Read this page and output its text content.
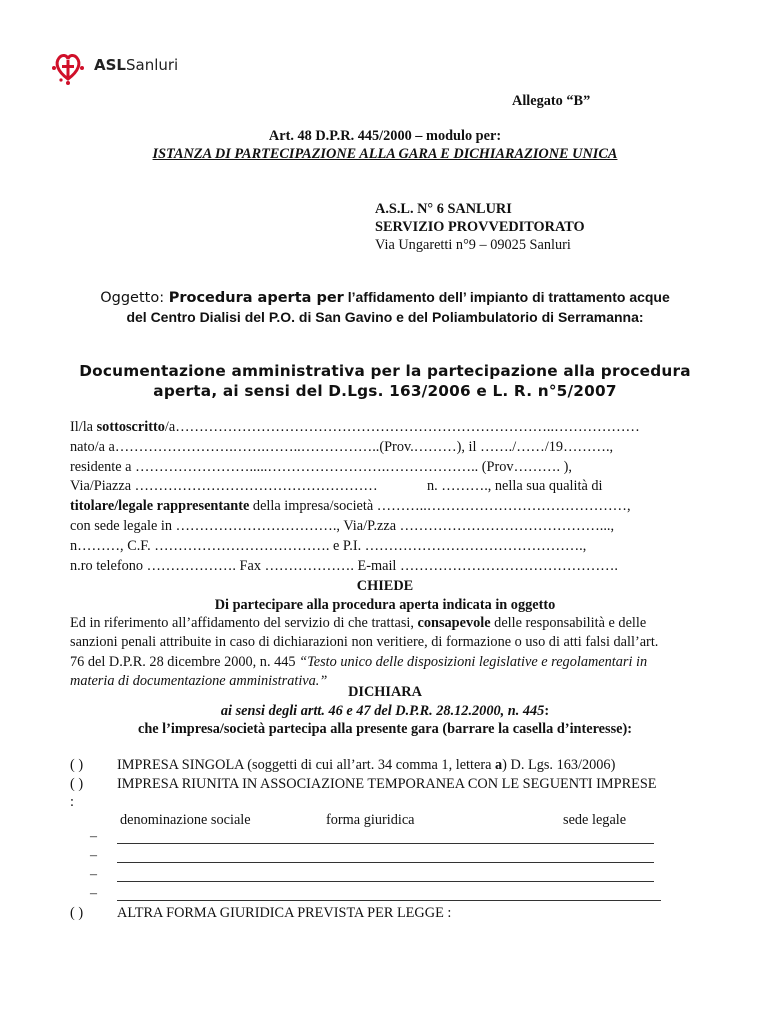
ASLSanluri
Allegato “B”
Art. 48 D.P.R. 445/2000 – modulo per:
ISTANZA DI PARTECIPAZIONE ALLA GARA E DICHIARAZIONE UNICA
A.S.L. N° 6 SANLURI
SERVIZIO PROVVEDITORATO
Via Ungaretti n°9 – 09025 Sanluri
Oggetto: Procedura aperta per l’affidamento dell’ impianto di trattamento acque
del Centro Dialisi del P.O. di San Gavino e del Poliambulatorio di Serramanna:
Documentazione amministrativa per la partecipazione alla procedura
aperta, ai sensi del D.Lgs. 163/2006 e L. R. n°5/2007
Il/la sottoscritto/a……………………………………………………………………..………………
nato/a a…………………….…….……..……………..(Prov.………), il ……./……/19……….,
residente a …………………….....…………………….……………….. (Prov………. ),
Via/Piazza ……………………………………………	n. ………., nella sua qualità di
titolare/legale rappresentante della impresa/società ………..……………………………………,
con sede legale in ……………………………., Via/P.zza ……………………………………...,
n………, C.F. ………………………………. e P.I. ……………………………………….,
n.ro telefono ………………. Fax ………………. E-mail ……………………………………….
CHIEDE
Di partecipare alla procedura aperta indicata in oggetto
Ed in riferimento all’affidamento del servizio di che trattasi, consapevole delle responsabilità e delle
sanzioni penali attribuite in caso di dichiarazioni non veritiere, di formazione o uso di atti falsi dall’art.
76 del D.P.R. 28 dicembre 2000, n. 445 “Testo unico delle disposizioni legislative e regolamentari in
materia di documentazione amministrativa.”
DICHIARA
ai sensi degli artt. 46 e 47 del D.P.R. 28.12.2000, n. 445:
che l’impresa/società partecipa alla presente gara (barrare la casella d’interesse):
( ) IMPRESA SINGOLA (soggetti di cui all’art. 34 comma 1, lettera a) D. Lgs. 163/2006)
( ) IMPRESA RIUNITA IN ASSOCIAZIONE TEMPORANEA CON LE SEGUENTI IMPRESE
:
denominazione sociale	forma giuridica	sede legale
–
–
–
–
( ) ALTRA FORMA GIURIDICA PREVISTA PER LEGGE :
